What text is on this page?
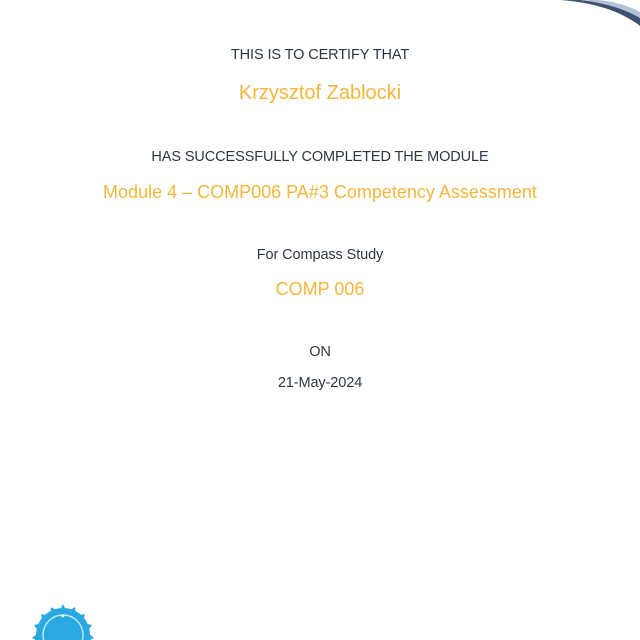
THIS IS TO CERTIFY THAT
Krzysztof Zablocki
HAS SUCCESSFULLY COMPLETED THE MODULE
Module 4 – COMP006 PA#3 Competency Assessment
For Compass Study
COMP 006
ON
21-May-2024
